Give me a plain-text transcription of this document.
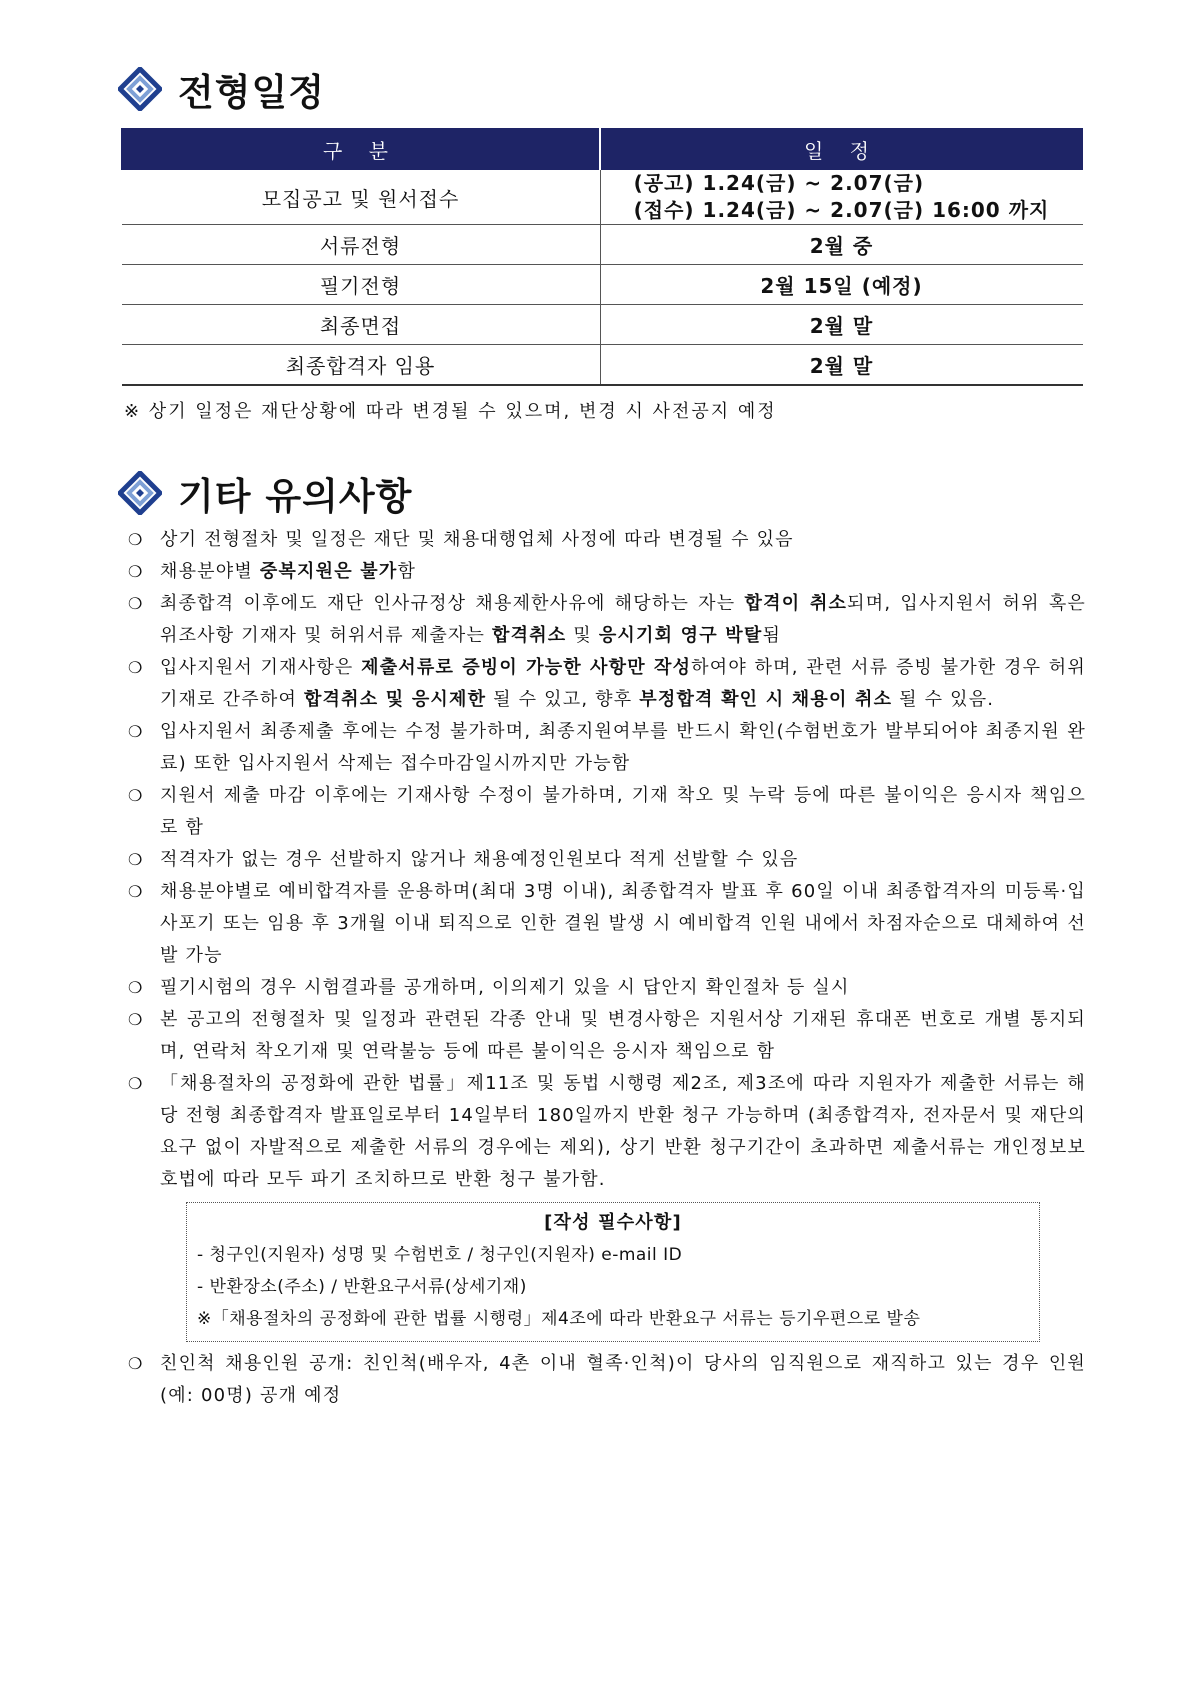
전형일정
구 분	일 정
모집공고 및 원서접수	(공고) 1.24(금) ~ 2.07(금)
(접수) 1.24(금) ~ 2.07(금) 16:00 까지
서류전형	2월 중
필기전형	2월 15일 (예정)
최종면접	2월 말
최종합격자 임용	2월 말
※ 상기 일정은 재단상황에 따라 변경될 수 있으며, 변경 시 사전공지 예정
기타 유의사항
❍ 상기 전형절차 및 일정은 재단 및 채용대행업체 사정에 따라 변경될 수 있음
❍ 채용분야별 중복지원은 불가함
❍ 최종합격 이후에도 재단 인사규정상 채용제한사유에 해당하는 자는 합격이 취소되며, 입사지원서 허위 혹은 위조사항 기재자 및 허위서류 제출자는 합격취소 및 응시기회 영구 박탈됨
❍ 입사지원서 기재사항은 제출서류로 증빙이 가능한 사항만 작성하여야 하며, 관련 서류 증빙 불가한 경우 허위 기재로 간주하여 합격취소 및 응시제한 될 수 있고, 향후 부정합격 확인 시 채용이 취소 될 수 있음.
❍ 입사지원서 최종제출 후에는 수정 불가하며, 최종지원여부를 반드시 확인(수험번호가 발부되어야 최종지원 완료) 또한 입사지원서 삭제는 접수마감일시까지만 가능함
❍ 지원서 제출 마감 이후에는 기재사항 수정이 불가하며, 기재 착오 및 누락 등에 따른 불이익은 응시자 책임으로 함
❍ 적격자가 없는 경우 선발하지 않거나 채용예정인원보다 적게 선발할 수 있음
❍ 채용분야별로 예비합격자를 운용하며(최대 3명 이내), 최종합격자 발표 후 60일 이내 최종합격자의 미등록·입사포기 또는 임용 후 3개월 이내 퇴직으로 인한 결원 발생 시 예비합격 인원 내에서 차점자순으로 대체하여 선발 가능
❍ 필기시험의 경우 시험결과를 공개하며, 이의제기 있을 시 답안지 확인절차 등 실시
❍ 본 공고의 전형절차 및 일정과 관련된 각종 안내 및 변경사항은 지원서상 기재된 휴대폰 번호로 개별 통지되며, 연락처 착오기재 및 연락불능 등에 따른 불이익은 응시자 책임으로 함
❍ 「채용절차의 공정화에 관한 법률」제11조 및 동법 시행령 제2조, 제3조에 따라 지원자가 제출한 서류는 해당 전형 최종합격자 발표일로부터 14일부터 180일까지 반환 청구 가능하며 (최종합격자, 전자문서 및 재단의 요구 없이 자발적으로 제출한 서류의 경우에는 제외), 상기 반환 청구기간이 초과하면 제출서류는 개인정보보호법에 따라 모두 파기 조치하므로 반환 청구 불가함.
[작성 필수사항]
- 청구인(지원자) 성명 및 수험번호 / 청구인(지원자) e-mail ID
- 반환장소(주소) / 반환요구서류(상세기재)
※「채용절차의 공정화에 관한 법률 시행령」제4조에 따라 반환요구 서류는 등기우편으로 발송
❍ 친인척 채용인원 공개: 친인척(배우자, 4촌 이내 혈족·인척)이 당사의 임직원으로 재직하고 있는 경우 인원(예: 00명) 공개 예정
